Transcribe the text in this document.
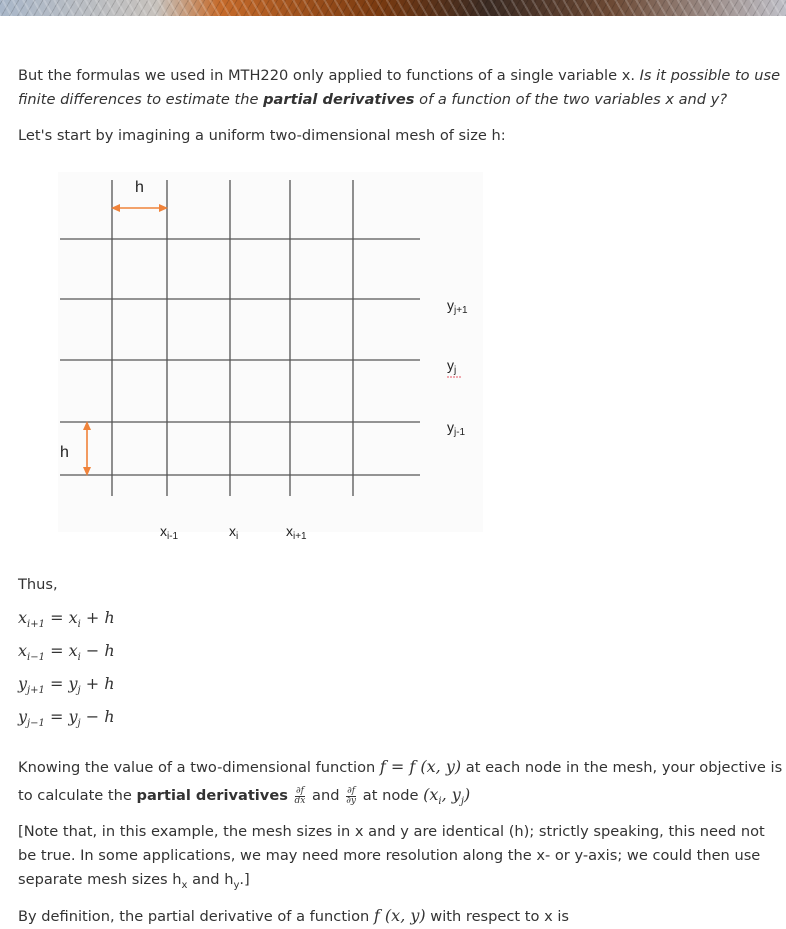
But the formulas we used in MTH220 only applied to functions of a single variable x. Is it possible to use finite differences to estimate the partial derivatives of a function of the two variables x and y?

Let's start by imagining a uniform two-dimensional mesh of size h:

h
h
$y_{j+1}$
$y_j$
$y_{j-1}$
$x_{i-1}$	$x_i$	$x_{i+1}$

Thus,

$x_{i+1} = x_i + h$
$x_{i-1} = x_i - h$
$y_{j+1} = y_j + h$
$y_{j-1} = y_j - h$

Knowing the value of a two-dimensional function f = f (x, y) at each node in the mesh, your objective is to calculate the partial derivatives $\frac{\partial f}{dx}$ and $\frac{\partial f}{\partial y}$ at node ($x_i$, $y_j$)

[Note that, in this example, the mesh sizes in x and y are identical (h); strictly speaking, this need not be true. In some applications, we may need more resolution along the x- or y-axis; we could then use separate mesh sizes $h_x$ and $h_y$.]

By definition, the partial derivative of a function f (x, y) with respect to x is
